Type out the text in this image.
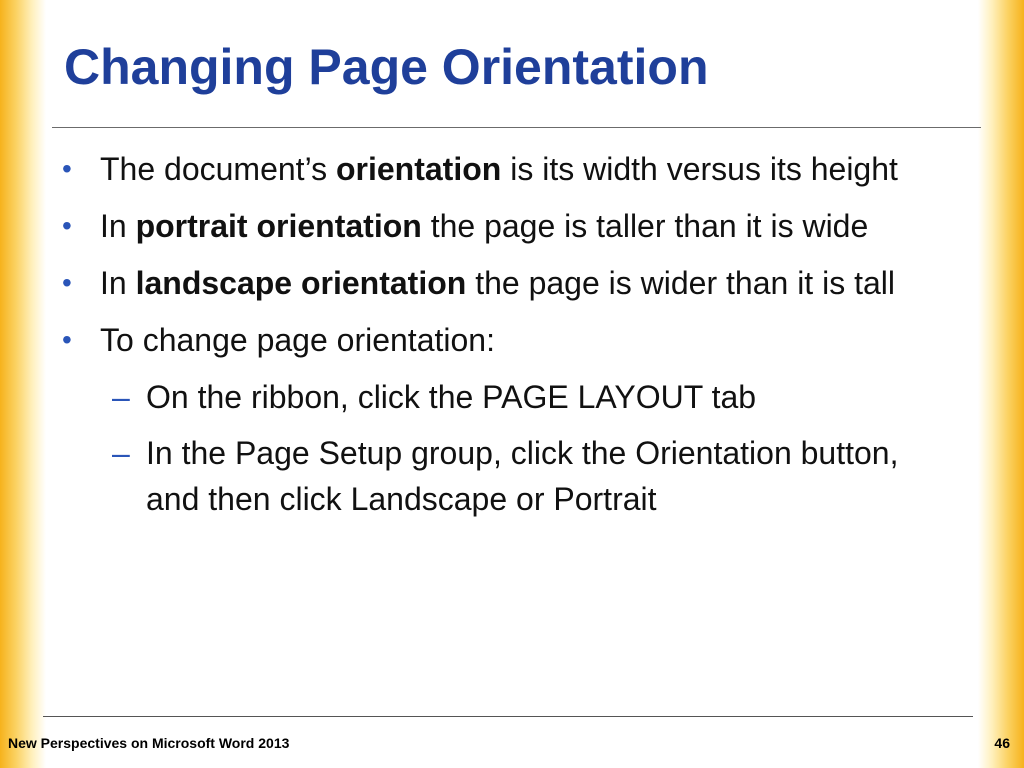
Changing Page Orientation
• The document’s orientation is its width versus its height
• In portrait orientation the page is taller than it is wide
• In landscape orientation the page is wider than it is tall
• To change page orientation:
– On the ribbon, click the PAGE LAYOUT tab
– In the Page Setup group, click the Orientation button, and then click Landscape or Portrait
New Perspectives on Microsoft Word 2013	46
